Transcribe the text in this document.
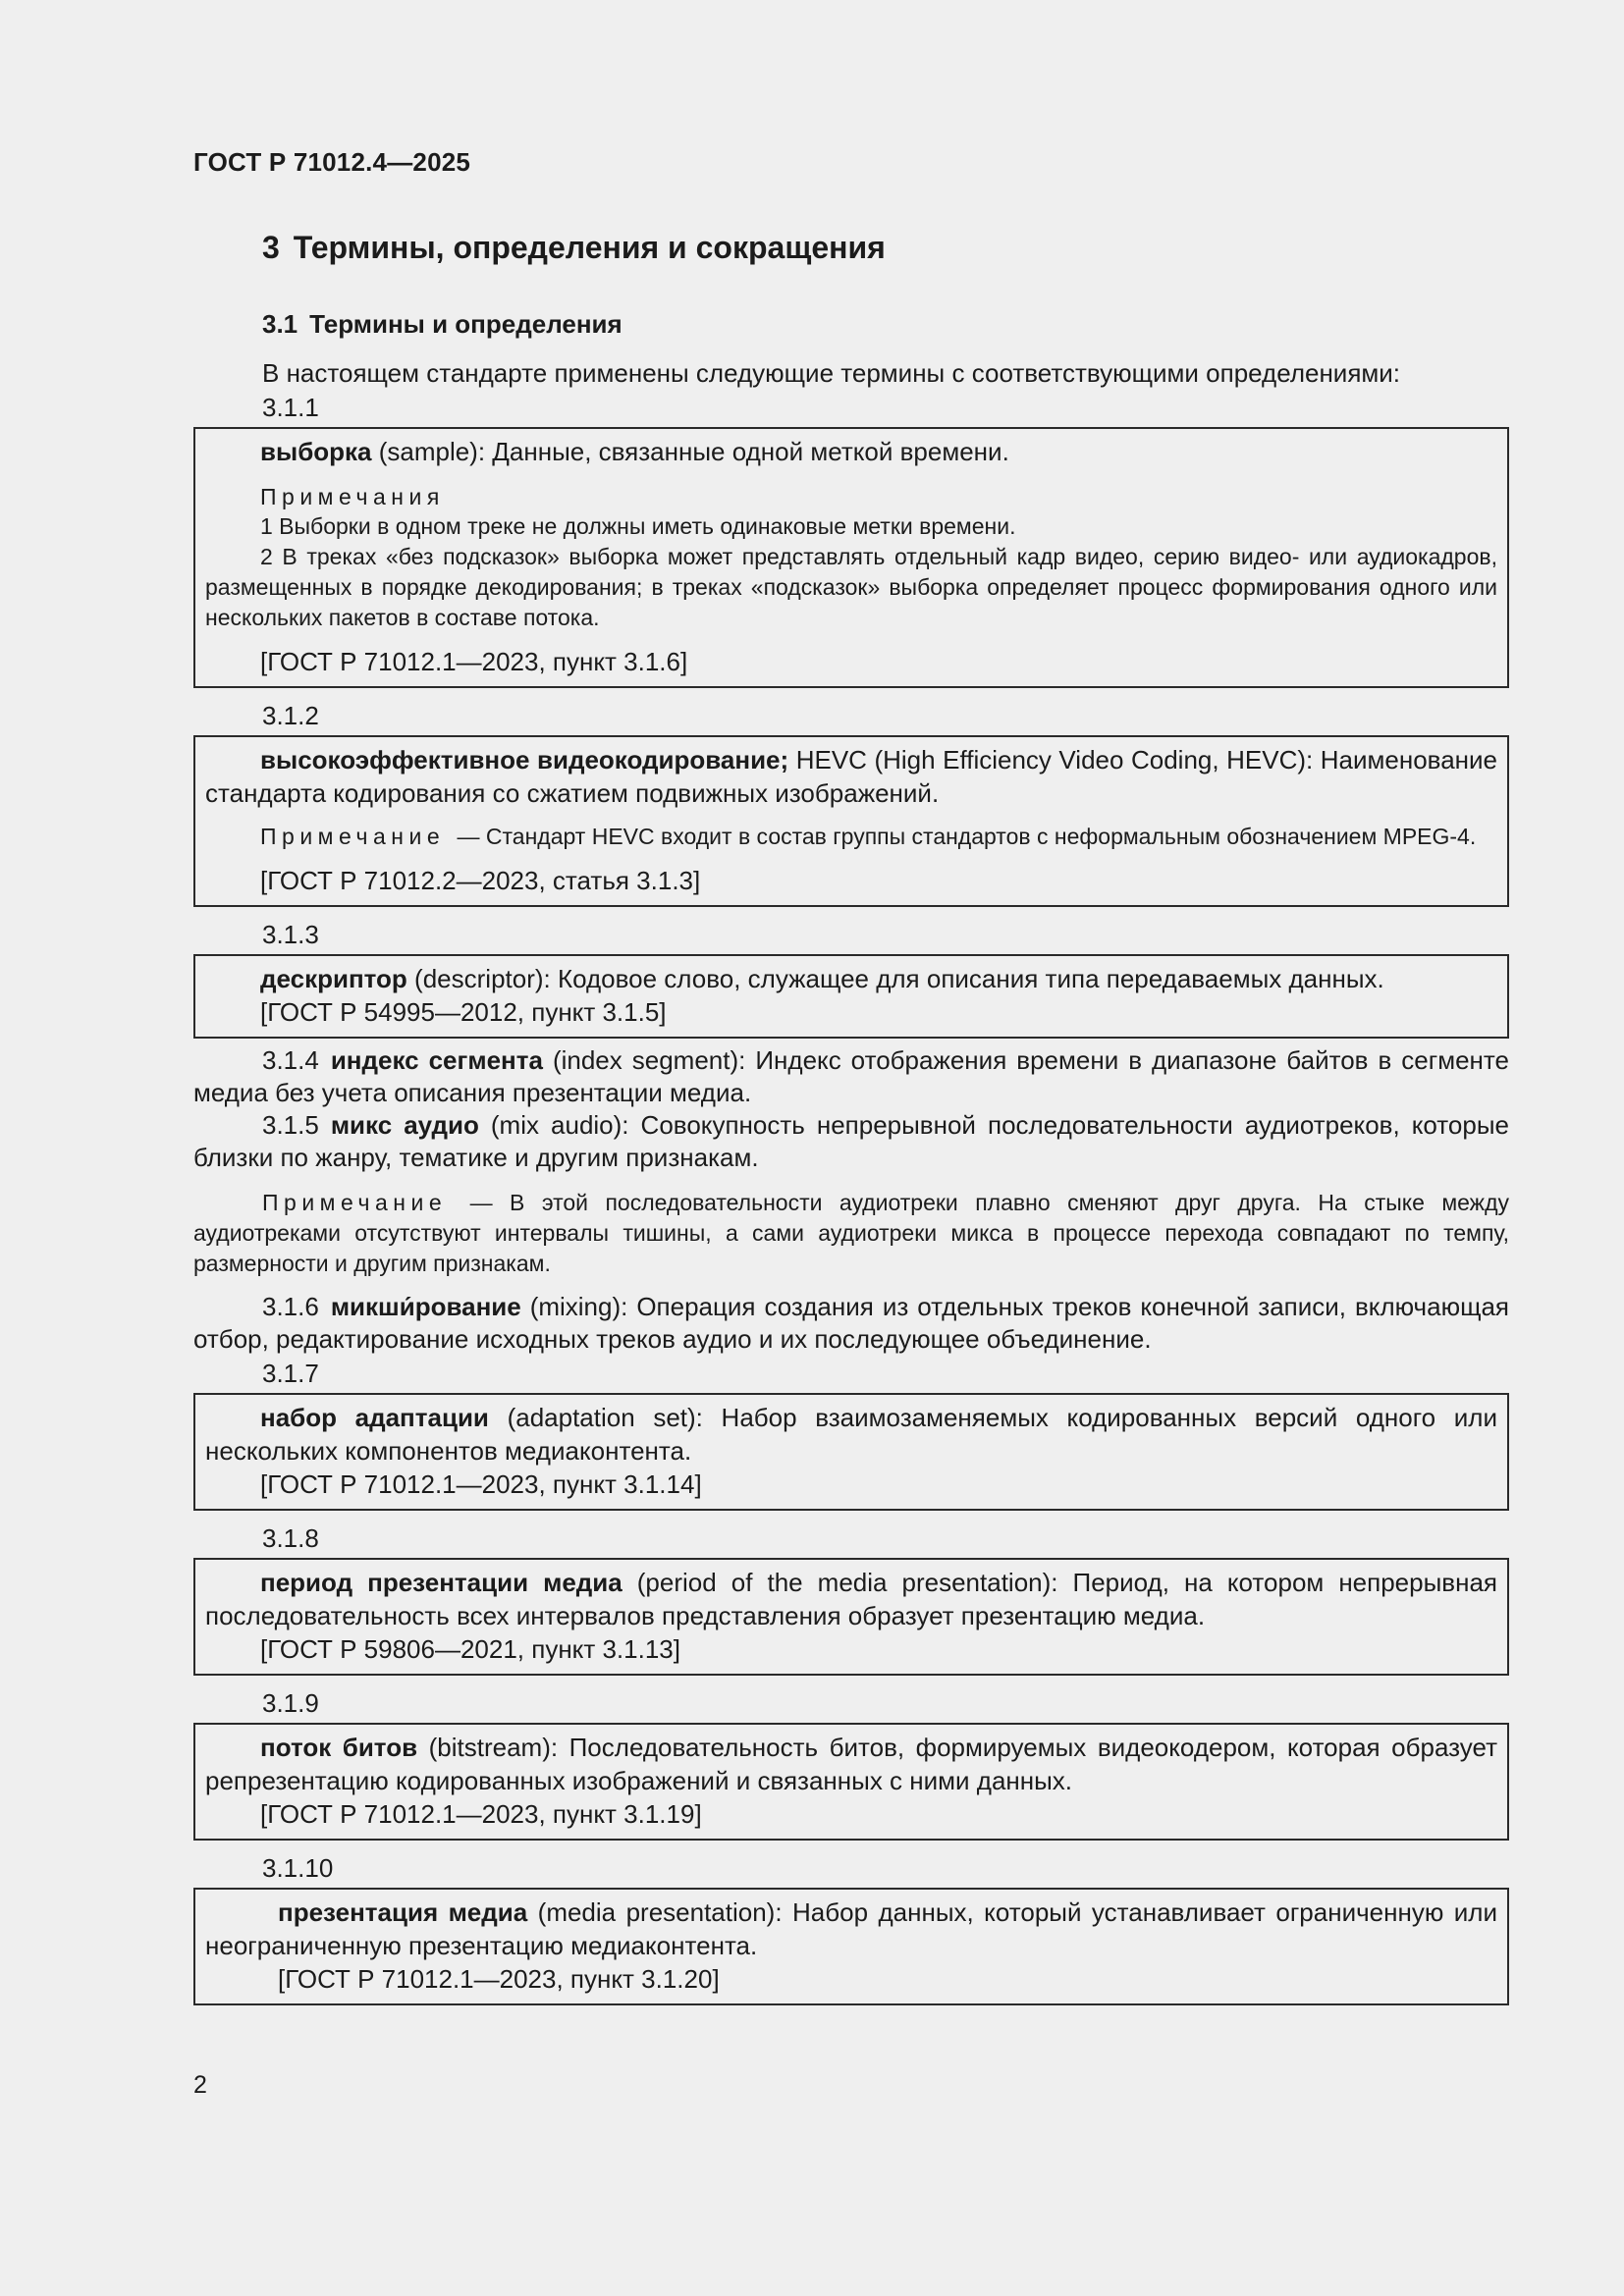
ГОСТ Р 71012.4—2025
3 Термины, определения и сокращения
3.1 Термины и определения

В настоящем стандарте применены следующие термины с соответствующими определениями:

3.1.1

выборка (sample): Данные, связанные одной меткой времени.

Примечания

1 Выборки в одном треке не должны иметь одинаковые метки времени.

2 В треках «без подсказок» выборка может представлять отдельный кадр видео, серию видео- или аудиокадров, размещенных в порядке декодирования; в треках «подсказок» выборка определяет процесс формирования одного или нескольких пакетов в составе потока.

[ГОСТ Р 71012.1—2023, пункт 3.1.6]

3.1.2

высокоэффективное видеокодирование; HEVC (High Efficiency Video Coding, HEVC): Наименование стандарта кодирования со сжатием подвижных изображений.

Примечание — Стандарт HEVC входит в состав группы стандартов с неформальным обозначением MPEG-4.

[ГОСТ Р 71012.2—2023, статья 3.1.3]

3.1.3

дескриптор (descriptor): Кодовое слово, служащее для описания типа передаваемых данных.

[ГОСТ Р 54995—2012, пункт 3.1.5]

3.1.4 индекс сегмента (index segment): Индекс отображения времени в диапазоне байтов в сегменте медиа без учета описания презентации медиа.

3.1.5 микс аудио (mix audio): Совокупность непрерывной последовательности аудиотреков, которые близки по жанру, тематике и другим признакам.

Примечание — В этой последовательности аудиотреки плавно сменяют друг друга. На стыке между аудиотреками отсутствуют интервалы тишины, а сами аудиотреки микса в процессе перехода совпадают по темпу, размерности и другим признакам.

3.1.6 микши́рование (mixing): Операция создания из отдельных треков конечной записи, включающая отбор, редактирование исходных треков аудио и их последующее объединение.

3.1.7

набор адаптации (adaptation set): Набор взаимозаменяемых кодированных версий одного или нескольких компонентов медиаконтента.

[ГОСТ Р 71012.1—2023, пункт 3.1.14]

3.1.8

период презентации медиа (period of the media presentation): Период, на котором непрерывная последовательность всех интервалов представления образует презентацию медиа.

[ГОСТ Р 59806—2021, пункт 3.1.13]

3.1.9

поток битов (bitstream): Последовательность битов, формируемых видеокодером, которая образует репрезентацию кодированных изображений и связанных с ними данных.

[ГОСТ Р 71012.1—2023, пункт 3.1.19]

3.1.10

презентация медиа (media presentation): Набор данных, который устанавливает ограниченную или неограниченную презентацию медиаконтента.

[ГОСТ Р 71012.1—2023, пункт 3.1.20]

2
